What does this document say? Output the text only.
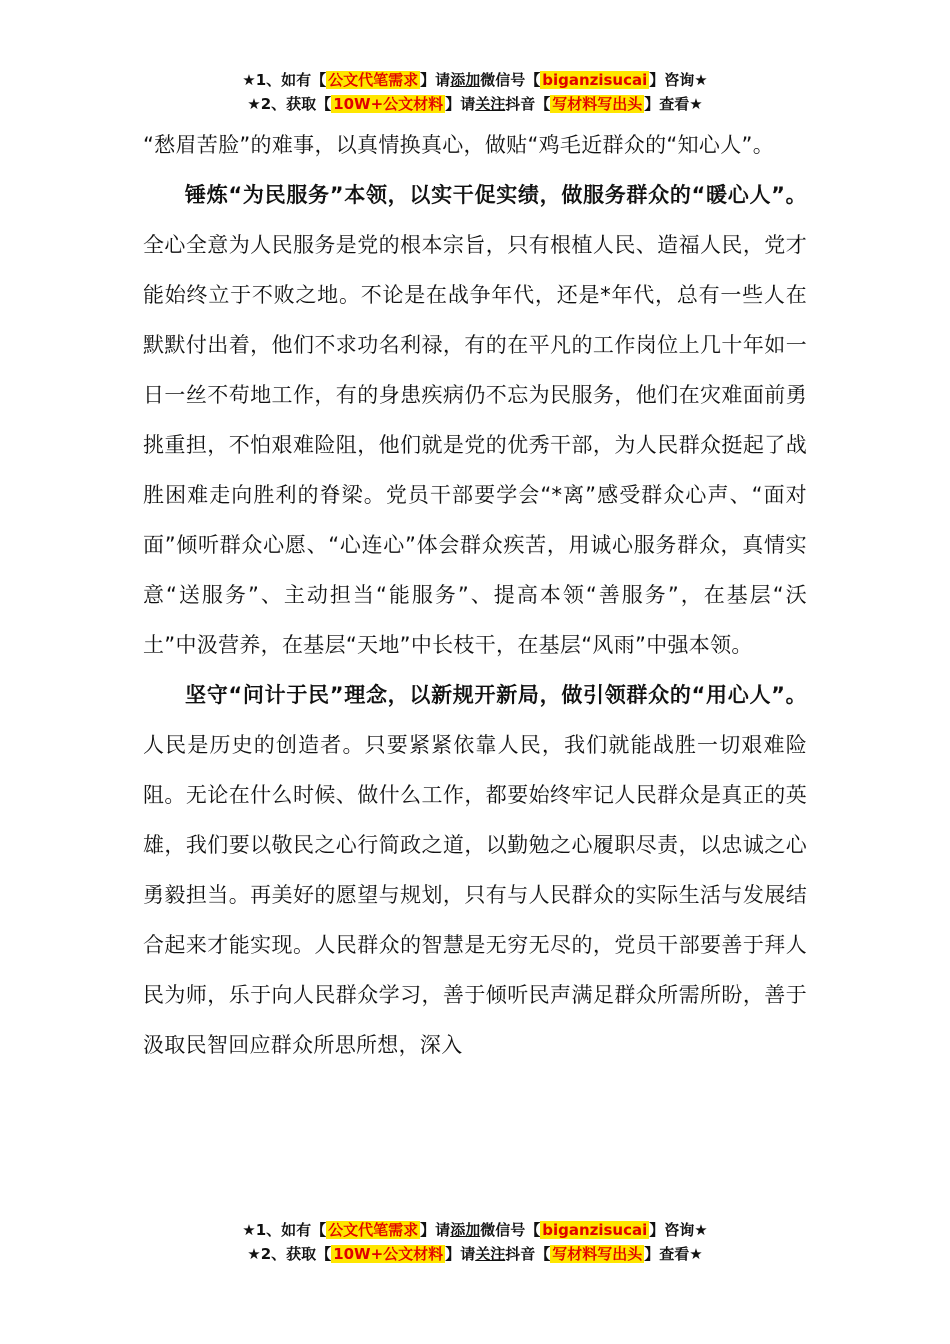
★1、如有【 公文代笔需求 】请添加微信号【 biganzisucai 】咨询★
★2、获取【 10W+公文材料 】请关注抖音【 写材料写出头 】查看★

“愁眉苦脸”的难事，以真情换真心，做贴“鸡毛近群众的“知心人”。

锤炼“为民服务”本领，以实干促实绩，做服务群众的“暖心人”。全心全意为人民服务是党的根本宗旨，只有根植人民、造福人民，党才能始终立于不败之地。不论是在战争年代，还是*年代，总有一些人在默默付出着，他们不求功名利禄，有的在平凡的工作岗位上几十年如一日一丝不苟地工作，有的身患疾病仍不忘为民服务，他们在灾难面前勇挑重担，不怕艰难险阻，他们就是党的优秀干部，为人民群众挺起了战胜困难走向胜利的脊梁。党员干部要学会“*离”感受群众心声、“面对面”倾听群众心愿、“心连心”体会群众疾苦，用诚心服务群众，真情实意“送服务”、主动担当“能服务”、提高本领“善服务”，在基层“沃土”中汲营养，在基层“天地”中长枝干，在基层“风雨”中强本领。

坚守“问计于民”理念，以新规开新局，做引领群众的“用心人”。人民是历史的创造者。只要紧紧依靠人民，我们就能战胜一切艰难险阻。无论在什么时候、做什么工作，都要始终牢记人民群众是真正的英雄，我们要以敬民之心行简政之道，以勤勉之心履职尽责，以忠诚之心勇毅担当。再美好的愿望与规划，只有与人民群众的实际生活与发展结合起来才能实现。人民群众的智慧是无穷无尽的，党员干部要善于拜人民为师，乐于向人民群众学习，善于倾听民声满足群众所需所盼，善于汲取民智回应群众所思所想，深入

★1、如有【 公文代笔需求 】请添加微信号【 biganzisucai 】咨询★
★2、获取【 10W+公文材料 】请关注抖音【 写材料写出头 】查看★
